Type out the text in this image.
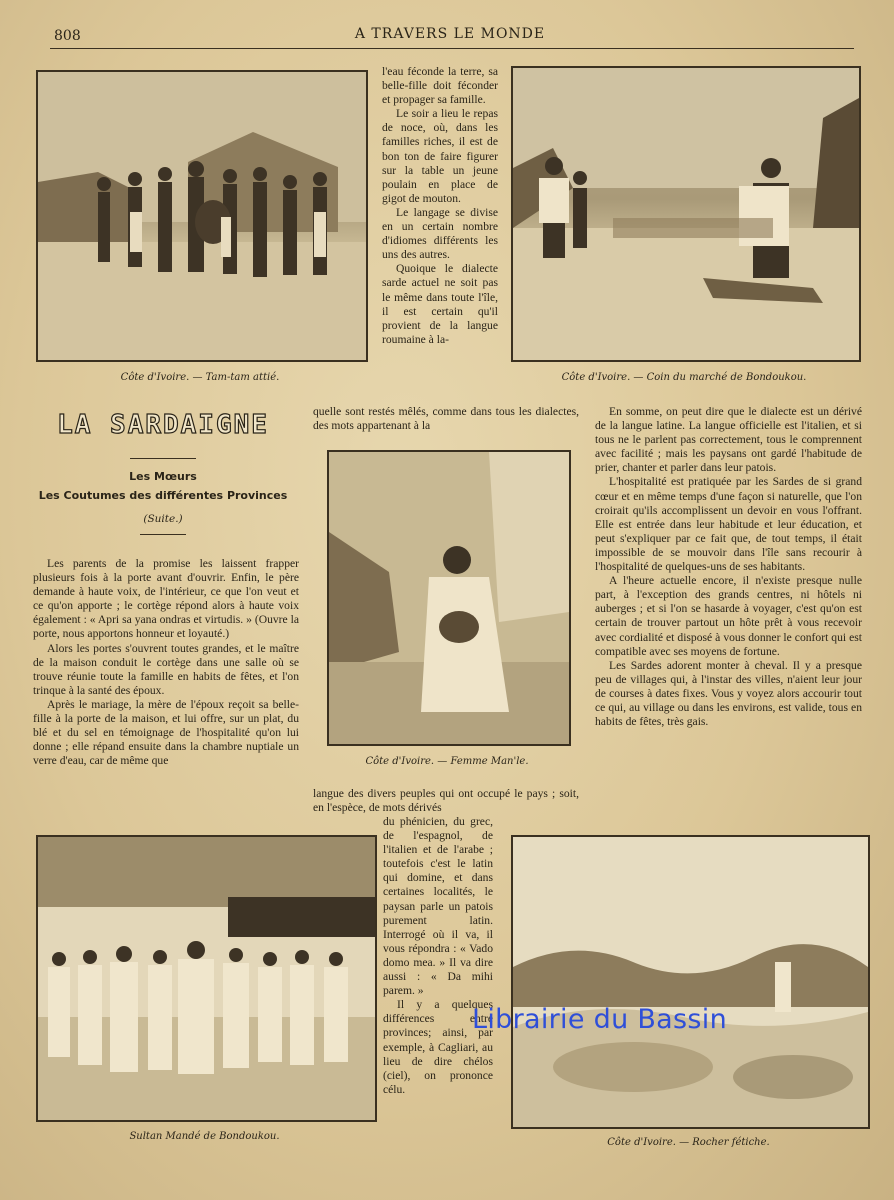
808	A TRAVERS LE MONDE
Côte d'Ivoire. — Tam-tam attié.	Côte d'Ivoire. — Coin du marché de Bondoukou.

l'eau féconde la terre, sa belle-fille doit féconder et propager sa famille.

Le soir a lieu le repas de noce, où, dans les familles riches, il est de bon ton de faire figurer sur la table un jeune poulain en place de gigot de mouton.

Le langage se divise en un certain nombre d'idiomes différents les uns des autres.

Quoique le dialecte sarde actuel ne soit pas le même dans toute l'île, il est certain qu'il provient de la langue roumaine à la-

quelle sont restés mêlés, comme dans tous les dialectes, des mots appartenant à la

LA SARDAIGNE
Les Mœurs
Les Coutumes des différentes Provinces
(Suite.)

Les parents de la promise les laissent frapper plusieurs fois à la porte avant d'ouvrir. Enfin, le père demande à haute voix, de l'intérieur, ce que l'on veut et ce qu'on apporte ; le cortège répond alors à haute voix également : « Apri sa yana ondras et virtudis. » (Ouvre la porte, nous apportons honneur et loyauté.)

Alors les portes s'ouvrent toutes grandes, et le maître de la maison conduit le cortège dans une salle où se trouve réunie toute la famille en habits de fêtes, et l'on trinque à la santé des époux.

Après le mariage, la mère de l'époux reçoit sa belle-fille à la porte de la maison, et lui offre, sur un plat, du blé et du sel en témoignage de l'hospitalité qu'on lui donne ; elle répand ensuite dans la chambre nuptiale un verre d'eau, car de même que	Côte d'Ivoire. — Femme Man'le.

En somme, on peut dire que le dialecte est un dérivé de la langue latine. La langue officielle est l'italien, et si tous ne le parlent pas correctement, tous le comprennent avec facilité ; mais les paysans ont gardé l'habitude de prier, chanter et parler dans leur patois.

L'hospitalité est pratiquée par les Sardes de si grand cœur et en même temps d'une façon si naturelle, que l'on croirait qu'ils accomplissent un devoir en vous l'offrant. Elle est entrée dans leur habitude et leur éducation, et peut s'expliquer par ce fait que, de tout temps, il était impossible de se mouvoir dans l'île sans recourir à l'hospitalité de quelques-uns de ses habitants.

A l'heure actuelle encore, il n'existe presque nulle part, à l'exception des grands centres, ni hôtels ni auberges ; et si l'on se hasarde à voyager, c'est qu'on est certain de trouver partout un hôte prêt à vous recevoir avec cordialité et disposé à vous donner le confort qui est compatible avec ses moyens de fortune.

Les Sardes adorent monter à cheval. Il y a presque peu de villages qui, à l'instar des villes, n'aient leur jour de courses à dates fixes. Vous y voyez alors accourir tout ce qui, au village ou dans les environs, est valide, tous en habits de fêtes, très gais.

langue des divers peuples qui ont occupé le pays ; soit, en l'espèce, de mots dérivés

du phénicien, du grec, de l'espagnol, de l'italien et de l'arabe ; toutefois c'est le latin qui domine, et dans certaines localités, le paysan parle un patois purement latin. Interrogé où il va, il vous répondra : « Vado domo mea. » Il va dire aussi : « Da mihi parem. »

Il y a quelques différences entre provinces; ainsi, par exemple, à Cagliari, au lieu de dire chélos (ciel), on prononce célu.

Sultan Mandé de Bondoukou.
Côte d'Ivoire. — Rocher fétiche.
Librairie du Bassin
